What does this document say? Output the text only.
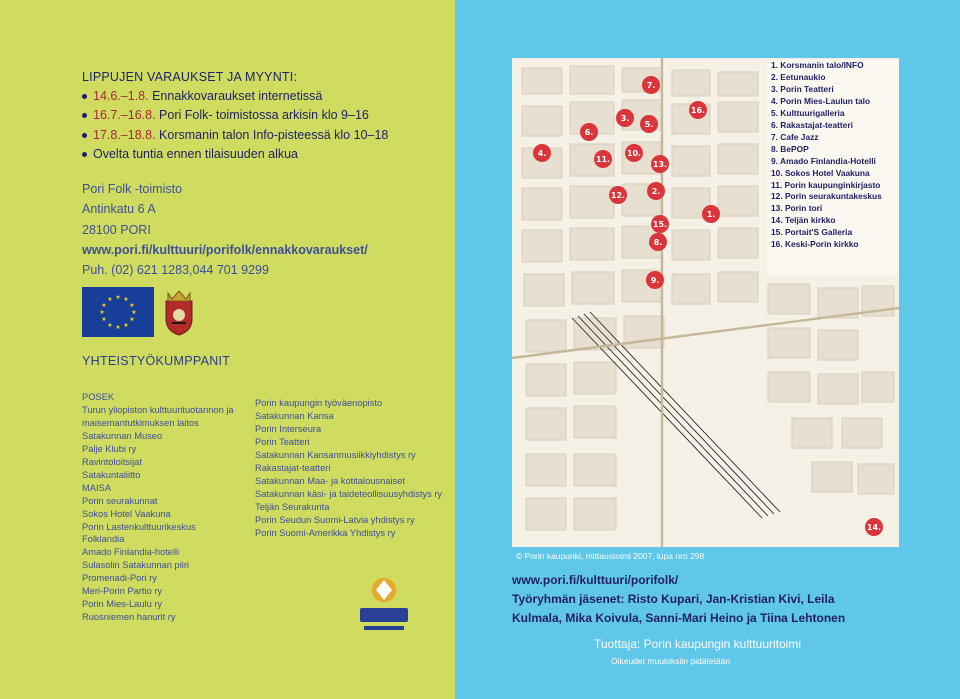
LIPPUJEN VARAUKSET JA MYYNTI:
14.6.–1.8. Ennakkovaraukset internetissä
16.7.–16.8. Pori Folk- toimistossa arkisin klo 9–16
17.8.–18.8. Korsmanin talon Info-pisteessä klo 10–18
Ovelta tuntia ennen tilaisuuden alkua
Pori Folk -toimisto
Antinkatu 6 A
28100 PORI
www.pori.fi/kulttuuri/porifolk/ennakkovaraukset/
Puh. (02) 621 1283,044 701 9299
★ ★
★
★
★
★
★
★
★
★
★
★
YHTEISTYÖKUMPPANIT
POSEK
Turun yliopiston kulttuurituotannon ja
maisemantutkimuksen laitos
Satakunnan Museo
Palje Klubi ry
Ravintoloitsijat
Satakuntaliitto
MAISA
Porin seurakunnat
Sokos Hotel Vaakuna
Porin Lastenkulttuurikeskus
Folklandia
Amado Finlandia-hotelli
Sulasolin Satakunnan piiri
Promenadi-Pori ry
Meri-Porin Partio ry
Porin Mies-Laulu ry
Ruosniemen hanurit ry
Porin kaupungin työväenopisto
Satakunnan Kansa
Porin Interseura
Porin Teatteri
Satakunnan Kansanmusiikkiyhdistys ry
Rakastajat-teatteri
Satakunnan Maa- ja kotitalousnaiset
Satakunnan käsi- ja taideteollisuusyhdistys ry
Teljän Seurakunta
Porin Seudun Suomi-Latvia yhdistys ry
Porin Suomi-Amerikka Yhdistys ry
7.
16.
3.
5.
6.
4.
11.
10.
13.
2.
12.
1.
15.
8.
9.
14.
1. Korsmanin talo/INFO
2. Eetunaukio
3. Porin Teatteri
4. Porin Mies-Laulun talo
5. Kulttuurigalleria
6. Rakastajat-teatteri
7. Cafe Jazz
8. BePOP
9. Amado Finlandia-Hotelli
10. Sokos Hotel Vaakuna
11. Porin kaupunginkirjasto
12. Porin seurakuntakeskus
13. Porin tori
14. Teljän kirkko
15. Portait'S Galleria
16. Keski-Porin kirkko
© Porin kaupunki, mittaustoimi 2007, lupa nro 298
www.pori.fi/kulttuuri/porifolk/
Työryhmän jäsenet: Risto Kupari, Jan-Kristian Kivi, Leila Kulmala, Mika Koivula, Sanni-Mari Heino ja Tiina Lehtonen
Tuottaja: Porin kaupungin kulttuuritoimi
Oikeudet muutoksiin pidätetään
